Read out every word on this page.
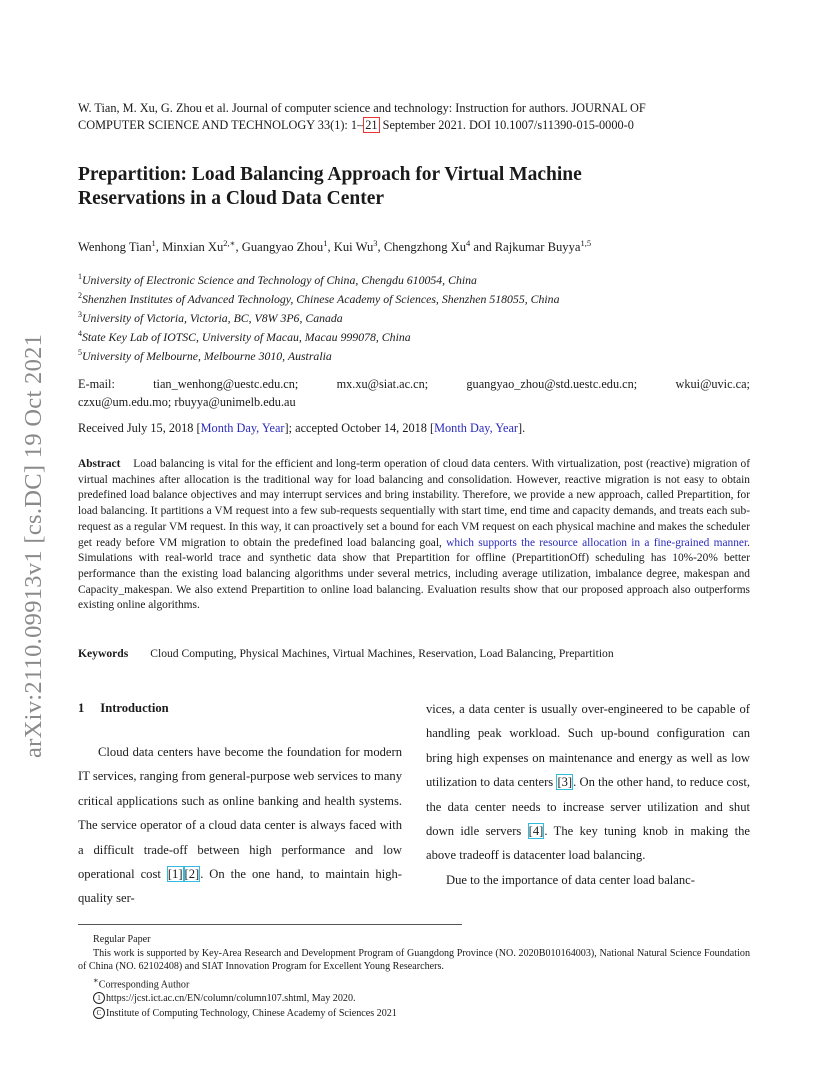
arXiv:2110.09913v1 [cs.DC] 19 Oct 2021
W. Tian, M. Xu, G. Zhou et al. Journal of computer science and technology: Instruction for authors. JOURNAL OF
COMPUTER SCIENCE AND TECHNOLOGY 33(1): 1– 21 September 2021. DOI 10.1007/s11390-015-0000-0
Prepartition: Load Balancing Approach for Virtual Machine
Reservations in a Cloud Data Center
Wenhong Tian$^1$, Minxian $Xu^{2,∗}$, Guangyao Zhou$^1$, Kui Wu$^3$, Chengzhong Xu$^4$ and Rajkumar Buyya$^{1,5}$
$^1$University of Electronic Science and Technology of China, Chengdu 610054, China
$^2$Shenzhen Institutes of Advanced Technology, Chinese Academy of Sciences, Shenzhen 518055, China
$^3$University of Victoria, Victoria, BC, V8W 3P6, Canada
$^4$State Key Lab of IOTSC, University of Macau, Macau 999078, China
$^5$University of Melbourne, Melbourne 3010, Australia
E-mail:	tian_wenhong@uestc.edu.cn;	mx.xu@siat.ac.cn;	guangyao_zhou@std.uestc.edu.cn;	wkui@uvic.ca;
czxu@um.edu.mo; rbuyya@unimelb.edu.au
Received July 15, 2018 [Month Day, Year]; accepted October 14, 2018 [Month Day, Year].
Abstract Load balancing is vital for the efficient and long-term operation of cloud data centers. With virtualization, post (reactive) migration of virtual machines after allocation is the traditional way for load balancing and consolidation. However, reactive migration is not easy to obtain predefined load balance objectives and may interrupt services and bring instability. Therefore, we provide a new approach, called Prepartition, for load balancing. It partitions a VM request into a few sub-requests sequentially with start time, end time and capacity demands, and treats each sub-request as a regular VM request. In this way, it can proactively set a bound for each VM request on each physical machine and makes the scheduler get ready before VM migration to obtain the predefined load balancing goal, which supports the resource allocation in a fine-grained manner. Simulations with real-world trace and synthetic data show that Prepartition for offline (PrepartitionOff) scheduling has 10%-20% better performance than the existing load balancing algorithms under several metrics, including average utilization, imbalance degree, makespan and Capacity_makespan. We also extend Prepartition to online load balancing. Evaluation results show that our proposed approach also outperforms existing online algorithms.
Keywords Cloud Computing, Physical Machines, Virtual Machines, Reservation, Load Balancing, Prepartition
1 Introduction
Cloud data centers have become the foundation for modern IT services, ranging from general-purpose web services to many critical applications such as online banking and health systems. The service operator of a cloud data center is always faced with a difficult trade-off between high performance and low operational cost [1] [2]. On the one hand, to maintain high-quality ser-
vices, a data center is usually over-engineered to be capable of handling peak workload. Such up-bound configuration can bring high expenses on maintenance and energy as well as low utilization to data centers [3]. On the other hand, to reduce cost, the data center needs to increase server utilization and shut down idle servers [4]. The key tuning knob in making the above tradeoff is datacenter load balancing.
Due to the importance of data center load balanc-
Regular Paper
This work is supported by Key-Area Research and Development Program of Guangdong Province (NO. 2020B010164003), National Natural Science Foundation of China (NO. 62102408) and SIAT Innovation Program for Excellent Young Researchers.
∗Corresponding Author
1 https://jcst.ict.ac.cn/EN/column/column107.shtml, May 2020.
C Institute of Computing Technology, Chinese Academy of Sciences 2021
